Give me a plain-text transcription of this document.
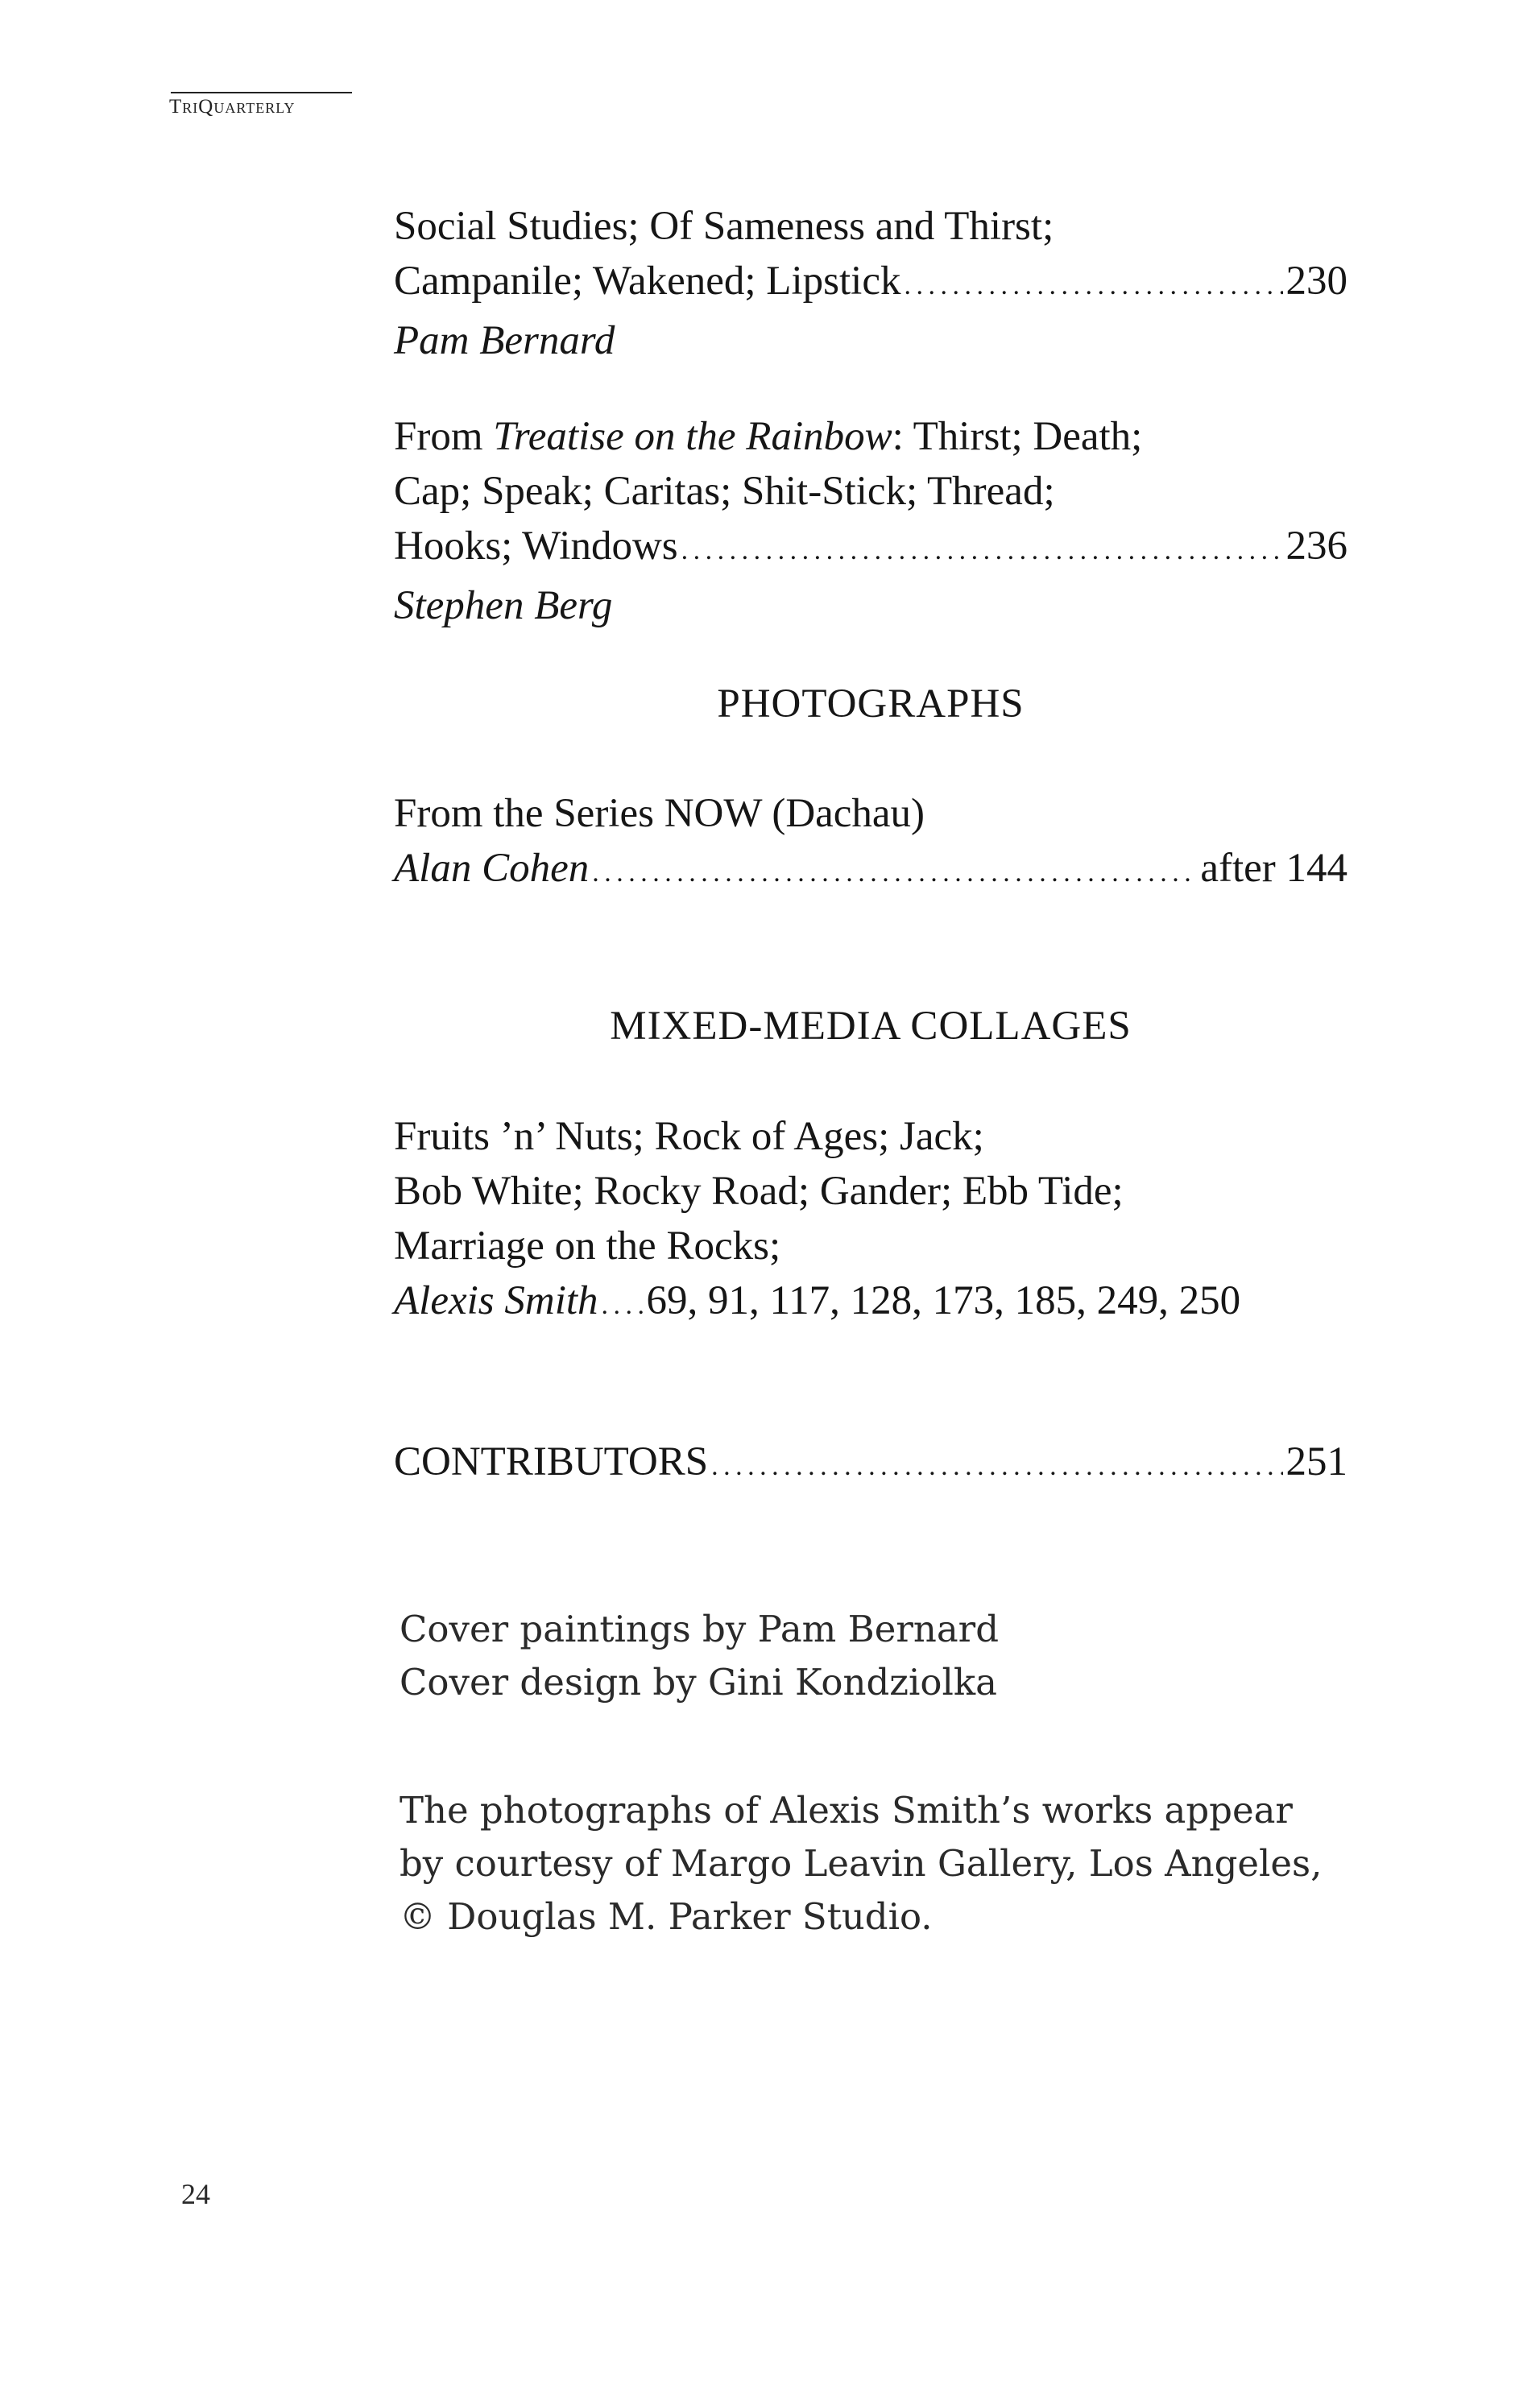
TriQuarterly
Social Studies; Of Sameness and Thirst;
Campanile; Wakened; Lipstick . . .	230
Pam Bernard
From Treatise on the Rainbow: Thirst; Death;
Cap; Speak; Caritas; Shit-Stick; Thread;
Hooks; Windows . . .	236
Stephen Berg
PHOTOGRAPHS
From the Series NOW (Dachau)
Alan Cohen . . .	after 144
MIXED-MEDIA COLLAGES
Fruits ’n’ Nuts; Rock of Ages; Jack;
Bob White; Rocky Road; Gander; Ebb Tide;
Marriage on the Rocks;
Alexis Smith . . . 69, 91, 117, 128, 173, 185, 249, 250
CONTRIBUTORS . . .	251
Cover paintings by Pam Bernard
Cover design by Gini Kondziolka
The photographs of Alexis Smith’s works appear
by courtesy of Margo Leavin Gallery, Los Angeles,
© Douglas M. Parker Studio.
24
